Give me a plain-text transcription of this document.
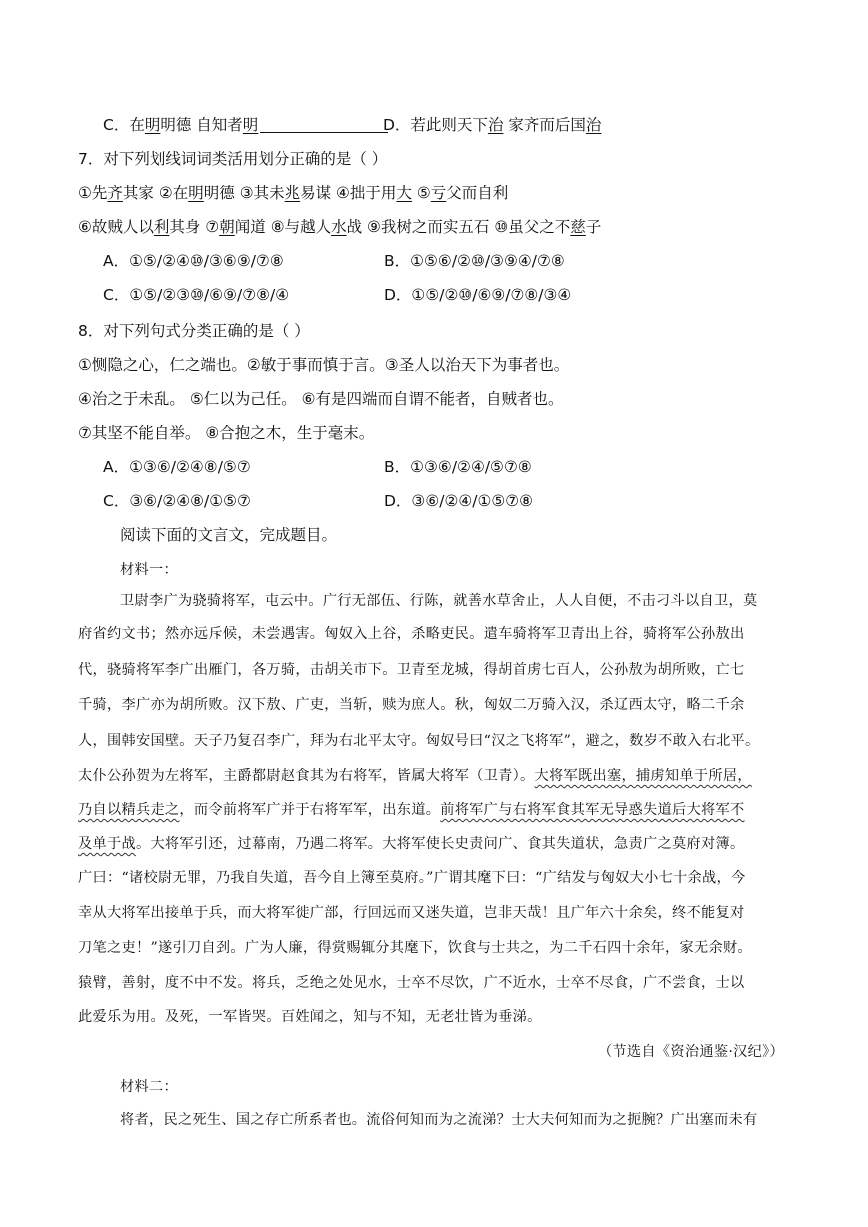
C．在明明德 自知者明	D．若此则天下治 家齐而后国治
7．对下列划线词词类活用划分正确的是（ ）
①先齐其家 ②在明明德 ③其未兆易谋 ④拙于用大 ⑤亏父而自利
⑥故贼人以利其身 ⑦朝闻道 ⑧与越人水战 ⑨我树之而实五石 ⑩虽父之不慈子
A．①⑤/②④⑩/③⑥⑨/⑦⑧	B．①⑤⑥/②⑩/③⑨④/⑦⑧
C．①⑤/②③⑩/⑥⑨/⑦⑧/④	D．①⑤/②⑩/⑥⑨/⑦⑧/③④
8．对下列句式分类正确的是（ ）
①恻隐之心，仁之端也。②敏于事而慎于言。③圣人以治天下为事者也。
④治之于未乱。 ⑤仁以为己任。 ⑥有是四端而自谓不能者，自贼者也。
⑦其坚不能自举。 ⑧合抱之木，生于毫末。
A．①③⑥/②④⑧/⑤⑦	B．①③⑥/②④/⑤⑦⑧
C．③⑥/②④⑧/①⑤⑦	D．③⑥/②④/①⑤⑦⑧
阅读下面的文言文，完成题目。
材料一：
卫尉李广为骁骑将军，屯云中。广行无部伍、行陈，就善水草舍止，人人自便，不击刁斗以自卫，莫
府省约文书；然亦远斥候，未尝遇害。匈奴入上谷，杀略吏民。遣车骑将军卫青出上谷，骑将军公孙敖出
代，骁骑将军李广出雁门，各万骑，击胡关市下。卫青至龙城，得胡首虏七百人，公孙敖为胡所败，亡七
千骑，李广亦为胡所败。汉下敖、广吏，当斩，赎为庶人。秋，匈奴二万骑入汉，杀辽西太守，略二千余
人，围韩安国壁。天子乃复召李广，拜为右北平太守。匈奴号曰“汉之飞将军”，避之，数岁不敢入右北平。
太仆公孙贺为左将军，主爵都尉赵食其为右将军，皆属大将军（卫青）。大将军既出塞，捕虏知单于所居，
乃自以精兵走之，而令前将军广并于右将军军，出东道。前将军广与右将军食其军无导惑失道后大将军不
及单于战。大将军引还，过幕南，乃遇二将军。大将军使长史责问广、食其失道状，急责广之莫府对簿。
广曰：“诸校尉无罪，乃我自失道，吾今自上簿至莫府。”广谓其麾下曰：“广结发与匈奴大小七十余战，今
幸从大将军出接单于兵，而大将军徙广部，行回远而又迷失道，岂非天哉！且广年六十余矣，终不能复对
刀笔之吏！”遂引刀自刭。广为人廉，得赏赐辄分其麾下，饮食与士共之，为二千石四十余年，家无余财。
猿臂，善射，度不中不发。将兵，乏绝之处见水，士卒不尽饮，广不近水，士卒不尽食，广不尝食，士以
此爱乐为用。及死，一军皆哭。百姓闻之，知与不知，无老壮皆为垂涕。
（节选自《资治通鉴·汉纪》）
材料二：
将者，民之死生、国之存亡所系者也。流俗何知而为之流涕？士大夫何知而为之扼腕？广出塞而未有
